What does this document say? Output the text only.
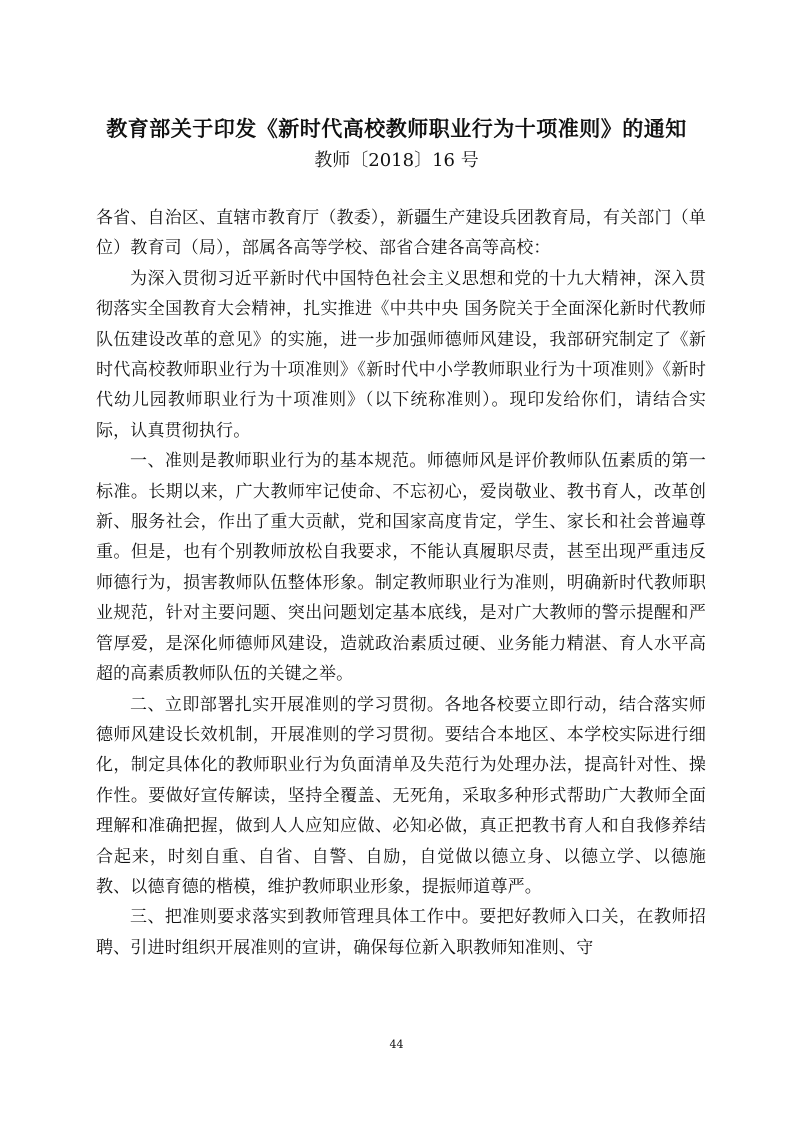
教育部关于印发《新时代高校教师职业行为十项准则》的通知
教师〔2018〕16 号

各省、自治区、直辖市教育厅（教委），新疆生产建设兵团教育局，有关部门（单位）教育司（局），部属各高等学校、部省合建各高等高校：

为深入贯彻习近平新时代中国特色社会主义思想和党的十九大精神，深入贯彻落实全国教育大会精神，扎实推进《中共中央 国务院关于全面深化新时代教师队伍建设改革的意见》的实施，进一步加强师德师风建设，我部研究制定了《新时代高校教师职业行为十项准则》《新时代中小学教师职业行为十项准则》《新时代幼儿园教师职业行为十项准则》（以下统称准则）。现印发给你们，请结合实际，认真贯彻执行。

一、准则是教师职业行为的基本规范。师德师风是评价教师队伍素质的第一标准。长期以来，广大教师牢记使命、不忘初心，爱岗敬业、教书育人，改革创新、服务社会，作出了重大贡献，党和国家高度肯定，学生、家长和社会普遍尊重。但是，也有个别教师放松自我要求，不能认真履职尽责，甚至出现严重违反师德行为，损害教师队伍整体形象。制定教师职业行为准则，明确新时代教师职业规范，针对主要问题、突出问题划定基本底线，是对广大教师的警示提醒和严管厚爱，是深化师德师风建设，造就政治素质过硬、业务能力精湛、育人水平高超的高素质教师队伍的关键之举。

二、立即部署扎实开展准则的学习贯彻。各地各校要立即行动，结合落实师德师风建设长效机制，开展准则的学习贯彻。要结合本地区、本学校实际进行细化，制定具体化的教师职业行为负面清单及失范行为处理办法，提高针对性、操作性。要做好宣传解读，坚持全覆盖、无死角，采取多种形式帮助广大教师全面理解和准确把握，做到人人应知应做、必知必做，真正把教书育人和自我修养结合起来，时刻自重、自省、自警、自励，自觉做以德立身、以德立学、以德施教、以德育德的楷模，维护教师职业形象，提振师道尊严。

三、把准则要求落实到教师管理具体工作中。要把好教师入口关，在教师招聘、引进时组织开展准则的宣讲，确保每位新入职教师知准则、守

44
